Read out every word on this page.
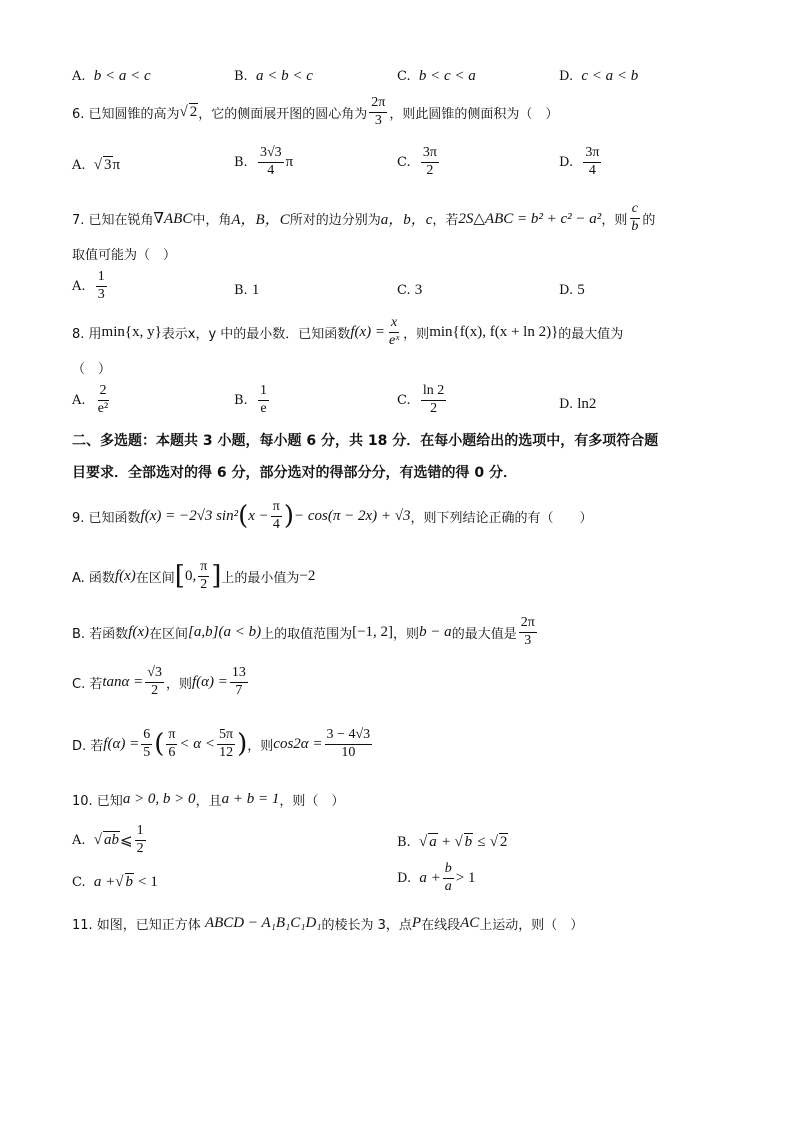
A.
b < a < c	B.
a < b < c	C.
b < c < a	D.
c < a < b
6. 已知圆锥的高为 √ 2 ，它的侧面展开图的圆心角为 $\frac{2\pi}{3}$ ，则此圆锥的侧面积为（　）
A.
√ 3π	B.
$\frac{3√3}{4}$ π	C.
$\frac{3\pi}{2}$	D.
$\frac{3\pi}{4}$
7. 已知在锐角 ∇ABC 中，角 A，B，C 所对的边分别为 a，b，c ，若 2S△ABC = b² + c² − a² ，则 $\frac{c}{b}$ 的
取值可能为（　）
A.
$\frac{1}{3}$	B.
1	C.
3	D.
5
8. 用 min{x, y} 表示x，y 中的最小数．已知函数 $f(x) = \frac{x}{\text{eˣ}}$ ，则 min{f(x), f(x + ln 2)} 的最大值为
（　）
A.
$\frac{2}{\text{e²}}$	B.
$\frac{1}{e}$	C.
$\frac{\ln 2}{2}$	D.
ln2
二、多选题：本题共 3 小题，每小题 6 分，共 18 分．在每小题给出的选项中，有多项符合题
目要求．全部选对的得 6 分，部分选对的得部分分，有选错的得 0 分．
9. 已知函数 f(x) = −2√3 sin² ( $x - \frac{\pi}{4}$ ) − cos(π − 2x) + √3 ，则下列结论正确的有（　　）
A. 函数 f(x) 在区间 [ 0, $\frac{\pi}{2}$ ] 上的最小值为 −2
B. 若函数 f(x) 在区间 [a,b](a < b) 上的取值范围为 [−1, 2] ，则 b − a 的最大值是 $\frac{2\pi}{3}$
C. 若 $\tan\alpha = \frac{√3}{2}$ ，则 $f(\alpha) = \frac{13}{7}$
D. 若 $f(\alpha) = \frac{6}{5}$ ( $\frac{\pi}{6} < \alpha < \frac{5\pi}{12}$ ) ，则 $\cos 2\alpha = \frac{3 - 4√3}{10}$
10. 已知 a > 0, b > 0 ，且 a + b = 1 ，则（　）
A.
√ ab ⩽ $\frac{1}{2}$	B.
√ a
+
√ b
≤
√ 2
C.
a + √ b
< 1	D.
$a + \frac{b}{a} > 1$
11. 如图，已知正方体
ABCD − A₁B₁C₁D₁ 的棱长为 3，点 P 在线段 AC 上运动，则（　）
